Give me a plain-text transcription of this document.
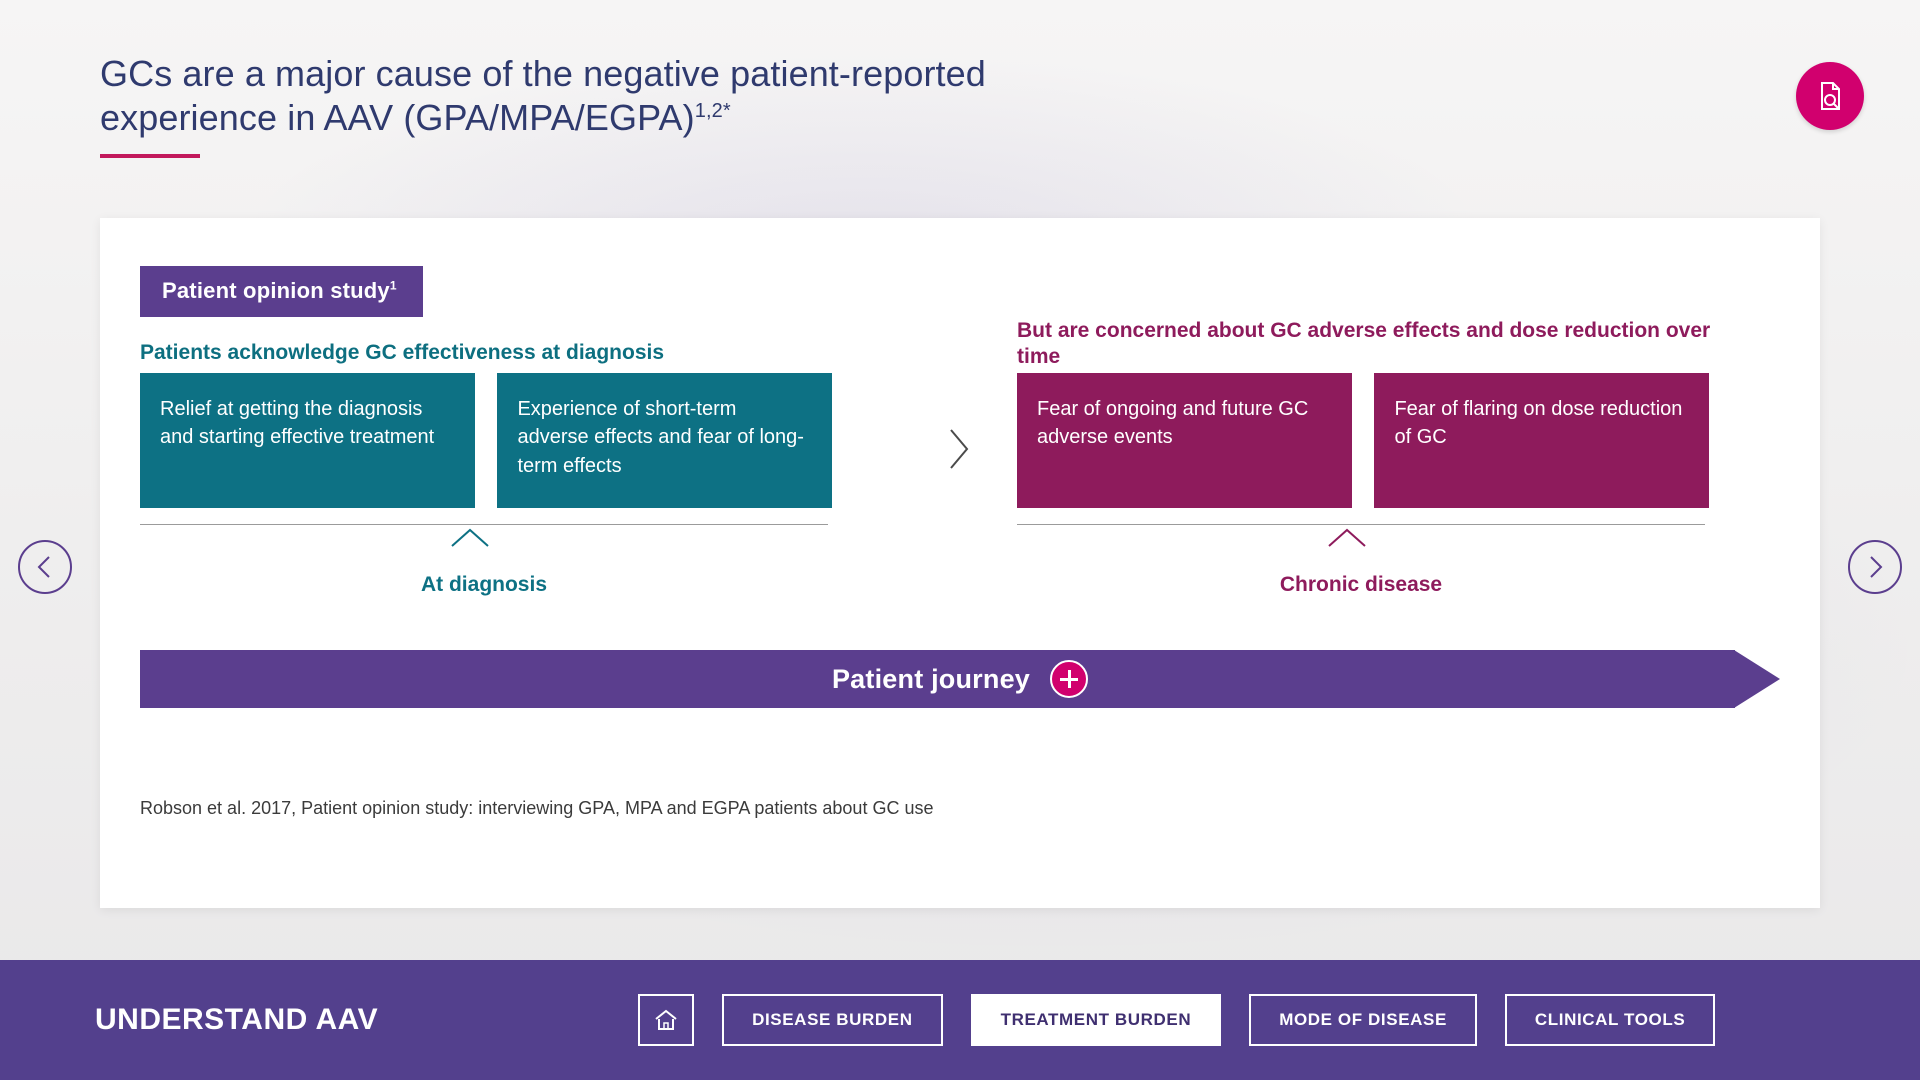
GCs are a major cause of the negative patient-reported
experience in AAV (GPA/MPA/EGPA)$^{1,2*}$
Patient opinion study$^1$
Patients acknowledge GC effectiveness at diagnosis
But are concerned about GC adverse effects and dose reduction over time
Relief at getting the diagnosis and starting effective treatment Experience of short-term adverse effects and fear of long-term effects
Fear of ongoing and future GC adverse events Fear of flaring on dose reduction of GC
At diagnosis	Chronic disease
Patient journey
Robson et al. 2017, Patient opinion study: interviewing GPA, MPA and EGPA patients about GC use
UNDERSTAND AAV	DISEASE BURDEN	TREATMENT BURDEN	MODE OF DISEASE	CLINICAL TOOLS
